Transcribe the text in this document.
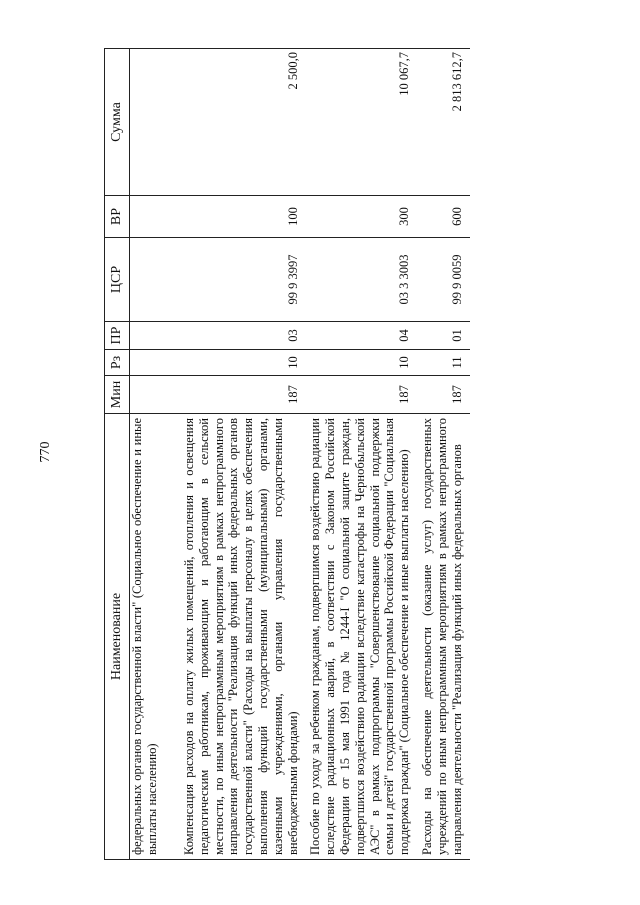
770
Наименование	Мин	Рз	ПР	ЦСР	ВР	Сумма
федеральных органов государственной власти" (Социальное обеспечение и иные выплаты населению)						
Компенсация расходов на оплату жилых помещений, отопления и освещения педагогическим работникам, проживающим и работающим в сельской местности, по иным непрограммным мероприятиям в рамках непрограммного направления деятельности "Реализация функций иных федеральных органов государственной власти" (Расходы на выплаты персоналу в целях обеспечения выполнения функций государственными (муниципальными) органами, казенными учреждениями, органами управления государственными внебюджетными фондами)	187	10	03	99 9 3997	100	2 500,0
Пособие по уходу за ребенком гражданам, подвергшимся воздействию радиации вследствие радиационных аварий, в соответствии с Законом Российской Федерации от 15 мая 1991 года № 1244-I "О социальной защите граждан, подвергшихся воздействию радиации вследствие катастрофы на Чернобыльской АЭС" в рамках подпрограммы "Совершенствование социальной поддержки семьи и детей" государственной программы Российской Федерации "Социальная поддержка граждан" (Социальное обеспечение и иные выплаты населению)	187	10	04	03 3 3003	300	10 067,7
Расходы на обеспечение деятельности (оказание услуг) государственных учреждений по иным непрограммным мероприятиям в рамках непрограммного направления деятельности "Реализация функций иных федеральных органов	187	11	01	99 9 0059	600	2 813 612,7
